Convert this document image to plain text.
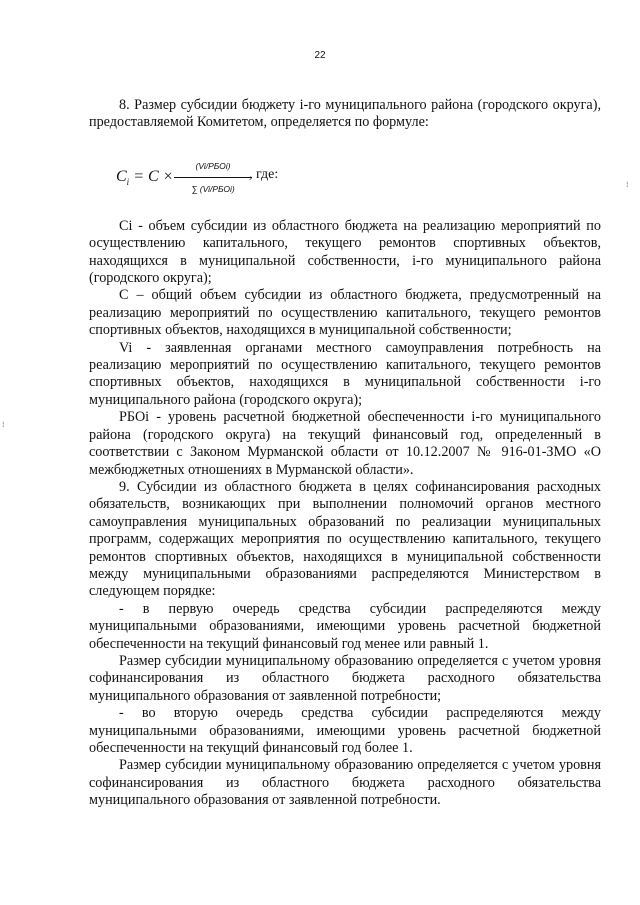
22

8. Размер субсидии бюджету i-го муниципального района (городского округа), предоставляемой Комитетом, определяется по формуле:

$C_i = C$ ×
(Vi/РБОi)
∑ (Vi/РБОi)
, где:

Ci - объем субсидии из областного бюджета на реализацию мероприятий по осуществлению капитального, текущего ремонтов спортивных объектов, находящихся в муниципальной собственности, i-го муниципального района (городского округа);

С – общий объем субсидии из областного бюджета, предусмотренный на реализацию мероприятий по осуществлению капитального, текущего ремонтов спортивных объектов, находящихся в муниципальной собственности;

Vi - заявленная органами местного самоуправления потребность на реализацию мероприятий по осуществлению капитального, текущего ремонтов спортивных объектов, находящихся в муниципальной собственности i-го муниципального района (городского округа);

РБОi - уровень расчетной бюджетной обеспеченности i-го муниципального района (городского округа) на текущий финансовый год, определенный в соответствии с Законом Мурманской области от 10.12.2007 № 916-01-ЗМО «О межбюджетных отношениях в Мурманской области».

9. Субсидии из областного бюджета в целях софинансирования расходных обязательств, возникающих при выполнении полномочий органов местного самоуправления муниципальных образований по реализации муниципальных программ, содержащих мероприятия по осуществлению капитального, текущего ремонтов спортивных объектов, находящихся в муниципальной собственности между муниципальными образованиями распределяются Министерством в следующем порядке:

- в первую очередь средства субсидии распределяются между муниципальными образованиями, имеющими уровень расчетной бюджетной обеспеченности на текущий финансовый год менее или равный 1.

Размер субсидии муниципальному образованию определяется с учетом уровня софинансирования из областного бюджета расходного обязательства муниципального образования от заявленной потребности;

- во вторую очередь средства субсидии распределяются между муниципальными образованиями, имеющими уровень расчетной бюджетной обеспеченности на текущий финансовый год более 1.

Размер субсидии муниципальному образованию определяется с учетом уровня софинансирования из областного бюджета расходного обязательства муниципального образования от заявленной потребности.

⁞
⁞
